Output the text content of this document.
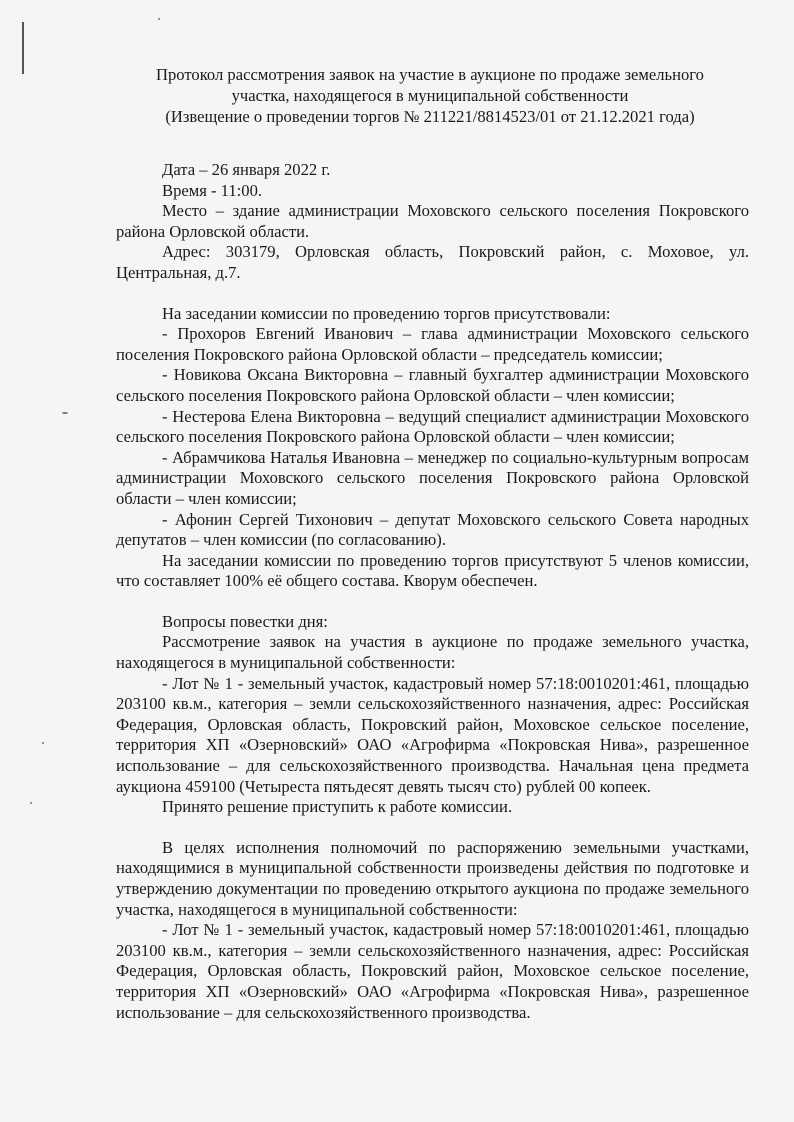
Протокол рассмотрения заявок на участие в аукционе по продаже земельного
участка, находящегося в муниципальной собственности
(Извещение о проведении торгов № 211221/8814523/01 от 21.12.2021 года)

Дата – 26 января 2022 г.

Время - 11:00.

Место – здание администрации Моховского сельского поселения Покровского района Орловской области.

Адрес: 303179, Орловская область, Покровский район, с. Моховое, ул. Центральная, д.7.

На заседании комиссии по проведению торгов присутствовали:

- Прохоров Евгений Иванович – глава администрации Моховского сельского поселения Покровского района Орловской области – председатель комиссии;

- Новикова Оксана Викторовна – главный бухгалтер администрации Моховского сельского поселения Покровского района Орловской области – член комиссии;

- Нестерова Елена Викторовна – ведущий специалист администрации Моховского сельского поселения Покровского района Орловской области – член комиссии;

- Абрамчикова Наталья Ивановна – менеджер по социально-культурным вопросам администрации Моховского сельского поселения Покровского района Орловской области – член комиссии;

- Афонин Сергей Тихонович – депутат Моховского сельского Совета народных депутатов – член комиссии (по согласованию).

На заседании комиссии по проведению торгов присутствуют 5 членов комиссии, что составляет 100% её общего состава. Кворум обеспечен.

Вопросы повестки дня:

Рассмотрение заявок на участия в аукционе по продаже земельного участка, находящегося в муниципальной собственности:

- Лот № 1 - земельный участок, кадастровый номер 57:18:0010201:461, площадью 203100 кв.м., категория – земли сельскохозяйственного назначения, адрес: Российская Федерация, Орловская область, Покровский район, Моховское сельское поселение, территория ХП «Озерновский» ОАО «Агрофирма «Покровская Нива», разрешенное использование – для сельскохозяйственного производства. Начальная цена предмета аукциона 459100 (Четыреста пятьдесят девять тысяч сто) рублей 00 копеек.

Принято решение приступить к работе комиссии.

В целях исполнения полномочий по распоряжению земельными участками, находящимися в муниципальной собственности произведены действия по подготовке и утверждению документации по проведению открытого аукциона по продаже земельного участка, находящегося в муниципальной собственности:

- Лот № 1 - земельный участок, кадастровый номер 57:18:0010201:461, площадью 203100 кв.м., категория – земли сельскохозяйственного назначения, адрес: Российская Федерация, Орловская область, Покровский район, Моховское сельское поселение, территория ХП «Озерновский» ОАО «Агрофирма «Покровская Нива», разрешенное использование – для сельскохозяйственного производства.
